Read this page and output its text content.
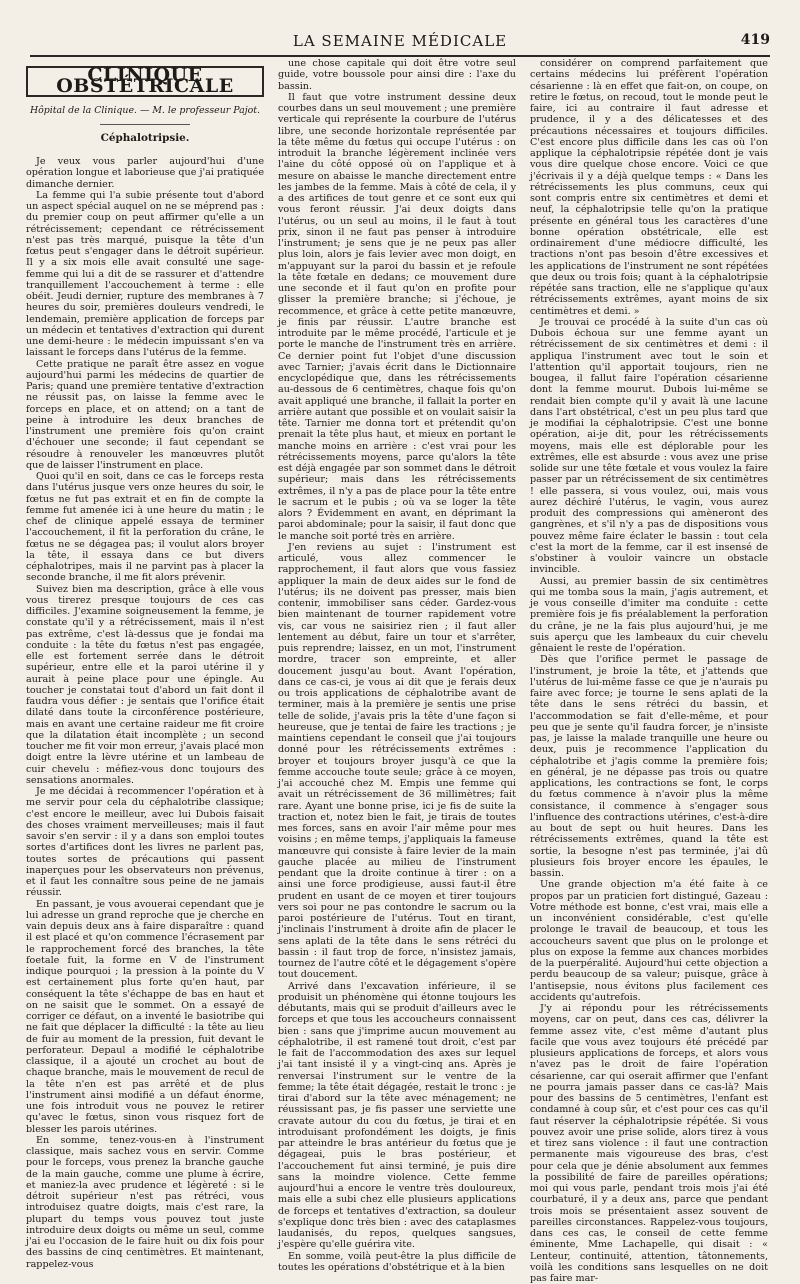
LA SEMAINE MÉDICALE	419
CLINIQUE OBSTÉTRICALE
Hôpital de la Clinique. — M. le professeur Pajot.
Céphalotripsie.

Je veux vous parler aujourd'hui d'une opération longue et laborieuse que j'ai pratiquée dimanche dernier.

La femme qui l'a subie présente tout d'abord un aspect spécial auquel on ne se méprend pas : du premier coup on peut affirmer qu'elle a un rétrécissement; cependant ce rétrécissement n'est pas très marqué, puisque la tête d'un fœtus peut s'engager dans le détroit supérieur. Il y a six mois elle avait consulté une sage-femme qui lui a dit de se rassurer et d'attendre tranquillement l'accouchement à terme : elle obéit. Jeudi dernier, rupture des membranes à 7 heures du soir, premières douleurs vendredi, le lendemain, première application de forceps par un médecin et tentatives d'extraction qui durent une demi-heure : le médecin impuissant s'en va laissant le forceps dans l'utérus de la femme.

Cette pratique ne paraît être assez en vogue aujourd'hui parmi les médecins de quartier de Paris; quand une première tentative d'extraction ne réussit pas, on laisse la femme avec le forceps en place, et on attend; on a tant de peine à introduire les deux branches de l'instrument une première fois qu'on craint d'échouer une seconde; il faut cependant se résoudre à renouveler les manœuvres plutôt que de laisser l'instrument en place.

Quoi qu'il en soit, dans ce cas le forceps resta dans l'utérus jusque vers onze heures du soir, le fœtus ne fut pas extrait et en fin de compte la femme fut amenée ici à une heure du matin ; le chef de clinique appelé essaya de terminer l'accouchement, il fit la perforation du crâne, le fœtus ne se dégagea pas; il voulut alors broyer la tête, il essaya dans ce but divers céphalotripes, mais il ne parvint pas à placer la seconde branche, il me fit alors prévenir.

Suivez bien ma description, grâce à elle vous vous tirerez presque toujours de ces cas difficiles. J'examine soigneusement la femme, je constate qu'il y a rétrécissement, mais il n'est pas extrême, c'est là-dessus que je fondai ma conduite : la tête du fœtus n'est pas engagée, elle est fortement serrée dans le détroit supérieur, entre elle et la paroi utérine il y aurait à peine place pour une épingle. Au toucher je constatai tout d'abord un fait dont il faudra vous défier : je sentais que l'orifice était dilaté dans toute la circonférence postérieure, mais en avant une certaine raideur me fit croire que la dilatation était incomplète ; un second toucher me fit voir mon erreur, j'avais placé mon doigt entre la lèvre utérine et un lambeau de cuir chevelu : méfiez-vous donc toujours des sensations anormales.

Je me décidai à recommencer l'opération et à me servir pour cela du céphalotribe classique; c'est encore le meilleur, avec lui Dubois faisait des choses vraiment merveilleuses; mais il faut savoir s'en servir : il y a dans son emploi toutes sortes d'artifices dont les livres ne parlent pas, toutes sortes de précautions qui passent inaperçues pour les observateurs non prévenus, et il faut les connaître sous peine de ne jamais réussir.

En passant, je vous avouerai cependant que je lui adresse un grand reproche que je cherche en vain depuis deux ans à faire disparaître : quand il est placé et qu'on commence l'écrasement par le rapprochement forcé des branches, la tête foetale fuit, la forme en V de l'instrument indique pourquoi ; la pression à la pointe du V est certainement plus forte qu'en haut, par conséquent la tête s'échappe de bas en haut et on ne saisit que le sommet. On a essayé de corriger ce défaut, on a inventé le basiotribe qui ne fait que déplacer la difficulté : la tête au lieu de fuir au moment de la pression, fuit devant le perforateur. Depaul a modifié le céphalotribe classique, il a ajouté un crochet au bout de chaque branche, mais le mouvement de recul de la tête n'en est pas arrêté et de plus l'instrument ainsi modifié a un défaut énorme, une fois introduit vous ne pouvez le retirer qu'avec le fœtus, sinon vous risquez fort de blesser les parois utérines.

En somme, tenez-vous-en à l'instrument classique, mais sachez vous en servir. Comme pour le forceps, vous prenez la branche gauche de la main gauche, comme une plume à écrire, et maniez-la avec prudence et légèreté : si le détroit supérieur n'est pas rétréci, vous introduisez quatre doigts, mais c'est rare, la plupart du temps vous pouvez tout juste introduire deux doigts ou même un seul, comme j'ai eu l'occasion de le faire huit ou dix fois pour des bassins de cinq centimètres. Et maintenant, rappelez-vous

une chose capitale qui doit être votre seul guide, votre boussole pour ainsi dire : l'axe du bassin.

Il faut que votre instrument dessine deux courbes dans un seul mouvement ; une première verticale qui représente la courbure de l'utérus libre, une seconde horizontale représentée par la tête même du fœtus qui occupe l'utérus : on introduit la branche légèrement inclinée vers l'aine du côté opposé où on l'applique et à mesure on abaisse le manche directement entre les jambes de la femme. Mais à côté de cela, il y a des artifices de tout genre et ce sont eux qui vous feront réussir. J'ai deux doigts dans l'utérus, ou un seul au moins, il le faut à tout prix, sinon il ne faut pas penser à introduire l'instrument; je sens que je ne peux pas aller plus loin, alors je fais levier avec mon doigt, en m'appuyant sur la paroi du bassin et je refoule la tête fœtale en dedans; ce mouvement dure une seconde et il faut qu'on en profite pour glisser la première branche; si j'échoue, je recommence, et grâce à cette petite manœuvre, je finis par réussir. L'autre branche est introduite par le même procédé, l'articule et je porte le manche de l'instrument très en arrière. Ce dernier point fut l'objet d'une discussion avec Tarnier; j'avais écrit dans le Dictionnaire encyclopédique que, dans les rétrécissements au-dessous de 6 centimètres, chaque fois qu'on avait appliqué une branche, il fallait la porter en arrière autant que possible et on voulait saisir la tête. Tarnier me donna tort et prétendit qu'on prenait la tête plus haut, et mieux en portant le manche moins en arrière : c'est vrai pour les rétrécissements moyens, parce qu'alors la tête est déjà engagée par son sommet dans le détroit supérieur; mais dans les rétrécissements extrêmes, il n'y a pas de place pour la tête entre le sacrum et le pubis ; où va se loger la tête alors ? Évidemment en avant, en déprimant la paroi abdominale; pour la saisir, il faut donc que le manche soit porté très en arrière.

J'en reviens au sujet : l'instrument est articulé, vous allez commencer le rapprochement, il faut alors que vous fassiez appliquer la main de deux aides sur le fond de l'utérus; ils ne doivent pas presser, mais bien contenir, immobiliser sans céder. Gardez-vous bien maintenant de tourner rapidement votre vis, car vous ne saisiriez rien ; il faut aller lentement au début, faire un tour et s'arrêter, puis reprendre; laissez, en un mot, l'instrument mordre, tracer son empreinte, et aller doucement jusqu'au bout. Avant l'opération, dans ce cas-ci, je vous ai dit que je ferais deux ou trois applications de céphalotribe avant de terminer, mais à la première je sentis une prise telle de solide, j'avais pris la tête d'une façon si heureuse, que je tentai de faire les tractions ; je maintiens cependant le conseil que j'ai toujours donné pour les rétrécissements extrêmes : broyer et toujours broyer jusqu'à ce que la femme accouche toute seule; grâce à ce moyen, j'ai accouché chez M. Empis une femme qui avait un rétrécissement de 36 millimètres; fait rare. Ayant une bonne prise, ici je fis de suite la traction et, notez bien le fait, je tirais de toutes mes forces, sans en avoir l'air même pour mes voisins ; en même temps, j'appliquais la fameuse manœuvre qui consiste à faire levier de la main gauche placée au milieu de l'instrument pendant que la droite continue à tirer : on a ainsi une force prodigieuse, aussi faut-il être prudent en usant de ce moyen et tirer toujours vers soi pour ne pas contondre le sacrum ou la paroi postérieure de l'utérus. Tout en tirant, j'inclinais l'instrument à droite afin de placer le sens aplati de la tête dans le sens rétréci du bassin : il faut trop de force, n'insistez jamais, tournez de l'autre côté et le dégagement s'opère tout doucement.

Arrivé dans l'excavation inférieure, il se produisit un phénomène qui étonne toujours les débutants, mais qui se produit d'ailleurs avec le forceps et que tous les accoucheurs connaissent bien : sans que j'imprime aucun mouvement au céphalotribe, il est ramené tout droit, c'est par le fait de l'accommodation des axes sur lequel j'ai tant insisté il y a vingt-cinq ans. Après je renversai l'instrument sur le ventre de la femme; la tête était dégagée, restait le tronc : je tirai d'abord sur la tête avec ménagement; ne réussissant pas, je fis passer une serviette une cravate autour du cou du fœtus, je tirai et en introduisant profondément les doigts, je finis par atteindre le bras antérieur du fœtus que je dégageai, puis le bras postérieur, et l'accouchement fut ainsi terminé, je puis dire sans la moindre violence. Cette femme aujourd'hui a encore le ventre très douloureux, mais elle a subi chez elle plusieurs applications de forceps et tentatives d'extraction, sa douleur s'explique donc très bien : avec des cataplasmes laudanisés, du repos, quelques sangsues, j'espère qu'elle guérira vite.

En somme, voilà peut-être la plus difficile de toutes les opérations d'obstétrique et à la bien

considérer on comprend parfaitement que certains médecins lui préfèrent l'opération césarienne : là en effet que fait-on, on coupe, on retire le fœtus, on recoud, tout le monde peut le faire, ici au contraire il faut adresse et prudence, il y a des délicatesses et des précautions nécessaires et toujours difficiles. C'est encore plus difficile dans les cas où l'on applique la céphalotripsie répétée dont je vais vous dire quelque chose encore. Voici ce que j'écrivais il y a déjà quelque temps : « Dans les rétrécissements les plus communs, ceux qui sont compris entre six centimètres et demi et neuf, la céphalotripsie telle qu'on la pratique présente en général tous les caractères d'une bonne opération obstétricale, elle est ordinairement d'une médiocre difficulté, les tractions n'ont pas besoin d'être excessives et les applications de l'instrument ne sont répétées que deux ou trois fois; quant à la céphalotripsie répétée sans traction, elle ne s'applique qu'aux rétrécissements extrêmes, ayant moins de six centimètres et demi. »

Je trouvai ce procédé à la suite d'un cas où Dubois échoua sur une femme ayant un rétrécissement de six centimètres et demi : il appliqua l'instrument avec tout le soin et l'attention qu'il apportait toujours, rien ne bougea, il fallut faire l'opération césarienne dont la femme mourut. Dubois lui-même se rendait bien compte qu'il y avait là une lacune dans l'art obstétrical, c'est un peu plus tard que je modifiai la céphalotripsie. C'est une bonne opération, ai-je dit, pour les rétrécissements moyens, mais elle est déplorable pour les extrêmes, elle est absurde : vous avez une prise solide sur une tête fœtale et vous voulez la faire passer par un rétrécissement de six centimètres ! elle passera, si vous voulez, oui, mais vous aurez déchiré l'utérus, le vagin, vous aurez produit des compressions qui amèneront des gangrènes, et s'il n'y a pas de dispositions vous pouvez même faire éclater le bassin : tout cela c'est la mort de la femme, car il est insensé de s'obstiner à vouloir vaincre un obstacle invincible.

Aussi, au premier bassin de six centimètres qui me tomba sous la main, j'agis autrement, et je vous conseille d'imiter ma conduite : cette première fois je fis préalablement la perforation du crâne, je ne la fais plus aujourd'hui, je me suis aperçu que les lambeaux du cuir chevelu gênaient le reste de l'opération.

Dès que l'orifice permet le passage de l'instrument, je broie la tête, et j'attends que l'utérus de lui-même fasse ce que je n'aurais pu faire avec force; je tourne le sens aplati de la tête dans le sens rétréci du bassin, et l'accommodation se fait d'elle-même, et pour peu que je sente qu'il faudra forcer, je n'insiste pas, je laisse la malade tranquille une heure ou deux, puis je recommence l'application du céphalotribe et j'agis comme la première fois; en général, je ne dépasse pas trois ou quatre applications, les contractions se font, le corps du fœtus commence à n'avoir plus la même consistance, il commence à s'engager sous l'influence des contractions utérines, c'est-à-dire au bout de sept ou huit heures. Dans les rétrécissements extrêmes, quand la tête est sortie, la besogne n'est pas terminée, j'ai dû plusieurs fois broyer encore les épaules, le bassin.

Une grande objection m'a été faite à ce propos par un praticien fort distingué, Gazeau : Votre méthode est bonne, c'est vrai, mais elle a un inconvénient considérable, c'est qu'elle prolonge le travail de beaucoup, et tous les accoucheurs savent que plus on le prolonge et plus on expose la femme aux chances morbides de la puerpéralité. Aujourd'hui cette objection a perdu beaucoup de sa valeur; puisque, grâce à l'antisepsie, nous évitons plus facilement ces accidents qu'autrefois.

J'y ai répondu pour les rétrécissements moyens, car on peut, dans ces cas, délivrer la femme assez vite, c'est même d'autant plus facile que vous avez toujours été précédé par plusieurs applications de forceps, et alors vous n'avez pas le droit de faire l'opération césarienne, car qui oserait affirmer que l'enfant ne pourra jamais passer dans ce cas-là? Mais pour des bassins de 5 centimètres, l'enfant est condamné à coup sûr, et c'est pour ces cas qu'il faut réserver la céphalotripsie répétée. Si vous pouvez avoir une prise solide, alors tirez à vous et tirez sans violence : il faut une contraction permanente mais vigoureuse des bras, c'est pour cela que je dénie absolument aux femmes la possibilité de faire de pareilles opérations; moi qui vous parle, pendant trois mois j'ai été courbaturé, il y a deux ans, parce que pendant trois mois se présentaient assez souvent de pareilles circonstances. Rappelez-vous toujours, dans ces cas, le conseil de cette femme éminente, Mme Lachapelle, qui disait : « Lenteur, continuité, attention, tâtonnements, voilà les conditions sans lesquelles on ne doit pas faire mar-
